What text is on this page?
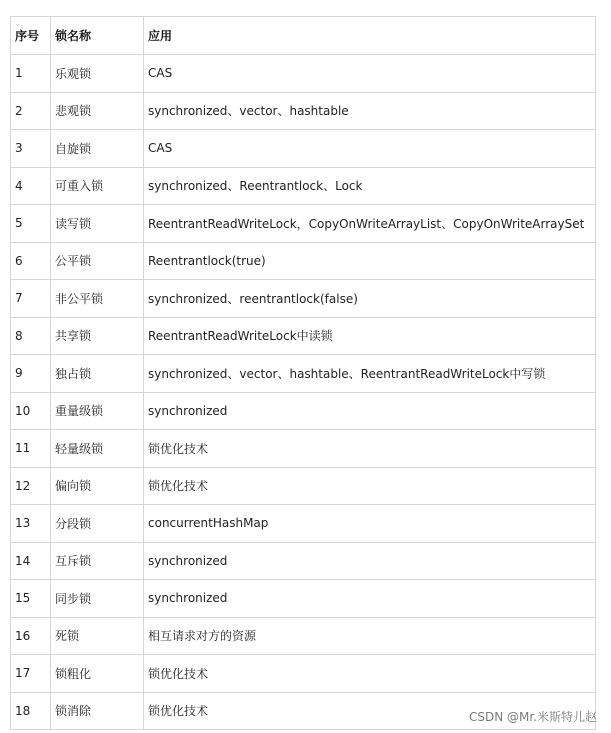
序号	锁名称	应用
1	乐观锁	CAS
2	悲观锁	synchronized、vector、hashtable
3	自旋锁	CAS
4	可重入锁	synchronized、Reentrantlock、Lock
5	读写锁	ReentrantReadWriteLock，CopyOnWriteArrayList、CopyOnWriteArraySet
6	公平锁	Reentrantlock(true)
7	非公平锁	synchronized、reentrantlock(false)
8	共享锁	ReentrantReadWriteLock中读锁
9	独占锁	synchronized、vector、hashtable、ReentrantReadWriteLock中写锁
10	重量级锁	synchronized
11	轻量级锁	锁优化技术
12	偏向锁	锁优化技术
13	分段锁	concurrentHashMap
14	互斥锁	synchronized
15	同步锁	synchronized
16	死锁	相互请求对方的资源
17	锁粗化	锁优化技术
18	锁消除	锁优化技术	CSDN @Mr.米斯特儿赵
